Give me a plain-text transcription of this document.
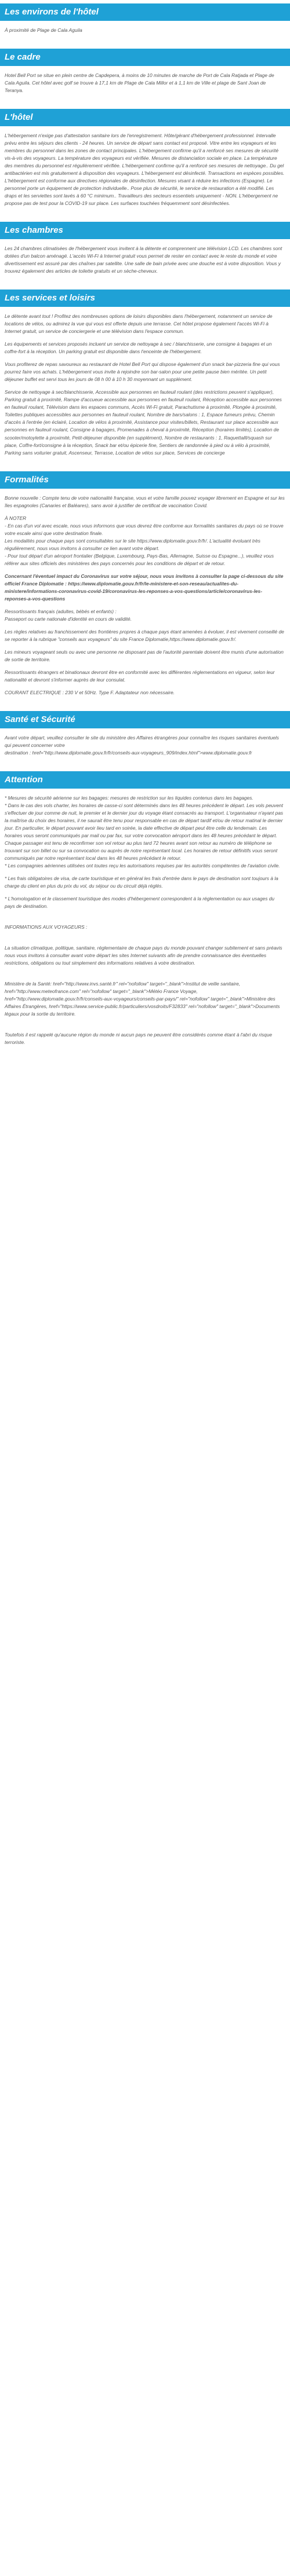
Les environs de l'hôtel

À proximité de Plage de Cala Aguila

Le cadre

Hotel Bell Port se situe en plein centre de Capdepera, à moins de 10 minutes de marche de Port de Cala Ratjada et Plage de Cala Aguila. Cet hôtel avec golf se trouve à 17,1 km de Plage de Cala Millor et à 1,1 km de Ville et plage de Sant Joan de Teranya.

L'hôtel

L'hébergement n'exige pas d'attestation sanitaire lors de l'enregistrement. Hôte/gérant d'hébergement professionnel. Intervalle prévu entre les séjours des clients - 24 heures. Un service de départ sans contact est proposé. Vitre entre les voyageurs et les membres du personnel dans les zones de contact principales. L'hébergement confirme qu'il a renforcé ses mesures de sécurité vis-à-vis des voyageurs. La température des voyageurs est vérifiée. Mesures de distanciation sociale en place. La température des membres du personnel est régulièrement vérifiée. L'hébergement confirme qu'il a renforcé ses mesures de nettoyage.. Du gel antibactérien est mis gratuitement à disposition des voyageurs. L'hébergement est désinfecté. Transactions en espèces possibles. L'hébergement est conforme aux directives régionales de désinfection. Mesures visant à réduire les infections (Espagne). Le personnel porte un équipement de protection individuelle.. Pose plus de sécurité, le service de restauration a été modifié. Les draps et les serviettes sont lavés à 60 °C minimum.. Travailleurs des secteurs essentiels uniquement - NON. L'hébergement ne propose pas de test pour la COVID-19 sur place. Les surfaces touchées fréquemment sont désinfectées.

Les chambres

Les 24 chambres climatisées de l'hébergement vous invitent à la détente et comprennent une télévision LCD. Les chambres sont dotées d'un balcon aménagé. L'accès Wi-Fi à Internet gratuit vous permet de rester en contact avec le reste du monde et votre divertissement est assuré par des chaînes par satellite. Une salle de bain privée avec une douche est à votre disposition. Vous y trouvez également des articles de toilette gratuits et un sèche-cheveux.

Les services et loisirs

Le détente avant tout ! Profitez des nombreuses options de loisirs disponibles dans l'hébergement, notamment un service de locations de vélos, ou admirez la vue qui vous est offerte depuis une terrasse. Cet hôtel propose également l'accès Wi-Fi à Internet gratuit, un service de conciergerie et une télévision dans l'espace commun.

Les équipements et services proposés incluent un service de nettoyage à sec / blanchisserie, une consigne à bagages et un coffre-fort à la réception. Un parking gratuit est disponible dans l'enceinte de l'hébergement.

Vous profiterez de repas savoureux au restaurant de Hotel Bell Port qui dispose également d'un snack bar-pizzeria fine qui vous pourrez faire vos achats. L'hébergement vous invite à rejoindre son bar-salon pour une petite pause bien méritée. Un petit déjeuner buffet est servi tous les jours de 08 h 00 à 10 h 30 moyennant un supplément.

Service de nettoyage à sec/blanchisserie, Accessible aux personnes en fauteuil roulant (des restrictions peuvent s'appliquer), Parking gratuit à proximité, Rampe d'accueue accessible aux personnes en fauteuil roulant, Réception accessible aux personnes en fauteuil roulant, Télévision dans les espaces communs, Accès Wi-Fi gratuit, Parachutisme à proximité, Plongée à proximité, Toilettes publiques accessibles aux personnes en fauteuil roulant, Nombre de bars/salons : 1, Espace fumeurs prévu, Chemin d'accès à l'entrée (en éclairé, Location de vélos à proximité, Assistance pour visites/billets, Restaurant sur place accessible aux personnes en fauteuil roulant, Consigne à bagages, Promenades à cheval à proximité, Réception (horaires limités), Location de scooter/motoylette à proximité, Petit-déjeuner disponible (en supplément), Nombre de restaurants : 1, Raquettalll/squash sur place, Coffre-fort/consigne à la réception, Snack bar et/ou épicerie fine, Sentiers de randonnée à pied ou à vélo à proximité, Parking sans voiturier gratuit, Ascenseur, Terrasse, Location de vélos sur place, Services de concierge

Formalités

Bonne nouvelle : Compte tenu de votre nationalité française, vous et votre famille pouvez voyager librement en Espagne et sur les îles espagnoles (Canaries et Baléares), sans avoir à justifier de certificat de vaccination Covid.

À NOTER
- En cas d'un vol avec escale, nous vous informons que vous devrez être conforme aux formalités sanitaires du pays où se trouve votre escale ainsi que votre destination finale.
Les modalités pour chaque pays sont consultables sur le site https://www.diplomatie.gouv.fr/fr/. L'actualité évoluant très régulièrement, nous vous invitons à consulter ce lien avant votre départ.
- Pour tout départ d'un aéroport frontalier (Belgique, Luxembourg, Pays-Bas, Allemagne, Suisse ou Espagne...), veuillez vous référer aux sites officiels des ministères des pays concernés pour les conditions de départ et de retour.

Concernant l'éventuel impact du Coronavirus sur votre séjour, nous vous invitons à consulter la page ci-dessous du site officiel France Diplomatie : https://www.diplomatie.gouv.fr/fr/le-ministere-et-son-reseau/actualites-du-ministere/informations-coronavirus-covid-19/coronavirus-les-reponses-a-vos-questions/article/coronavirus-les-reponses-a-vos-questions

Ressortissants français (adultes, bébés et enfants) :
Passeport ou carte nationale d'identité en cours de validité.

Les règles relatives au franchissement des frontières propres à chaque pays étant amenées à évoluer, il est vivement conseillé de se reporter à la rubrique "conseils aux voyageurs" du site France Diplomatie,https://www.diplomatie.gouv.fr/.

Les mineurs voyageant seuls ou avec une personne ne disposant pas de l'autorité parentale doivent être munis d'une autorisation de sortie de territoire.

Ressortissants étrangers et binationaux devront être en conformité avec les différentes réglementations en vigueur, selon leur nationalité et devront s'informer auprès de leur consulat.

COURANT ELECTRIQUE : 230 V et 50Hz. Type F. Adaptateur non nécessaire.

Santé et Sécurité

Avant votre départ, veuillez consulter le site du ministère des Affaires étrangères pour connaître les risques sanitaires éventuels qui peuvent concerner votre
destination : href="http://www.diplomatie.gouv.fr/fr/conseils-aux-voyageurs_909/index.html">www.diplomatie.gouv.fr

Attention

* Mesures de sécurité aérienne sur les bagages: mesures de restriction sur les liquides contenus dans les bagages.
* Dans le cas des vols charter, les horaires de casse-ci sont déterminés dans les 48 heures précédent le départ. Les vols peuvent s'effectuer de jour comme de nuit, le premier et le dernier jour du voyage étant consacrés au transport. L'organisateur n'ayant pas la maîtrise du choix des horaires, il ne saurait être tenu pour responsable en cas de départ tardif et/ou de retour matinal le dernier jour. En particulier, le départ pouvant avoir lieu tard en soirée, la date effective de départ peut être celle du lendemain. Les horaires vous seront communiqués par mail ou par fax, sur votre convocation aéroport dans les 48 heures précédant le départ. Chaque passager est tenu de reconfirmer son vol retour au plus tard 72 heures avant son retour au numéro de téléphone se trouvant sur son billet ou sur sa convocation ou auprès de notre représentant local. Les horaires de retour définitifs vous seront communiqués par notre représentant local dans les 48 heures précédant le retour.
* Les compagnies aériennes utilisées ont toutes reçu les autorisations requises par les autorités compétentes de l'aviation civile.

* Les frais obligatoires de visa, de carte touristique et en général les frais d'entrée dans le pays de destination sont toujours à la charge du client en plus du prix du vol, du séjour ou du circuit déjà réglés.

* L'homologation et le classement touristique des modes d'hébergement correspondent à la réglementation ou aux usages du pays de destination.

INFORMATIONS AUX VOYAGEURS :

La situation climatique, politique, sanitaire, réglementaire de chaque pays du monde pouvant changer subitement et sans préavis
nous vous invitons à consulter avant votre départ les sites Internet suivants afin de prendre connaissance des éventuelles restrictions, obligations ou tout simplement des informations relatives à votre destination.

Ministère de la Santé: href="http://www.invs.santé.fr" rel="nofollow" target="_blank">Institut de veille sanitaire,
href="http://www.meteofrance.com" rel="nofollow" target="_blank">Météo France Voyage, href="http://www.diplomatie.gouv.fr/fr/conseils-aux-voyageurs/conseils-par-pays/" rel="nofollow" target="_blank">Ministère des Affaires Étrangères, href="https://www.service-public.fr/particuliers/vosdroits/F32833" rel="nofollow" target="_blank">Documents légaux pour la sortie du territoire.

Toutefois il est rappelé qu'aucune région du monde ni aucun pays ne peuvent être considérés comme étant à l'abri du risque terroriste.
